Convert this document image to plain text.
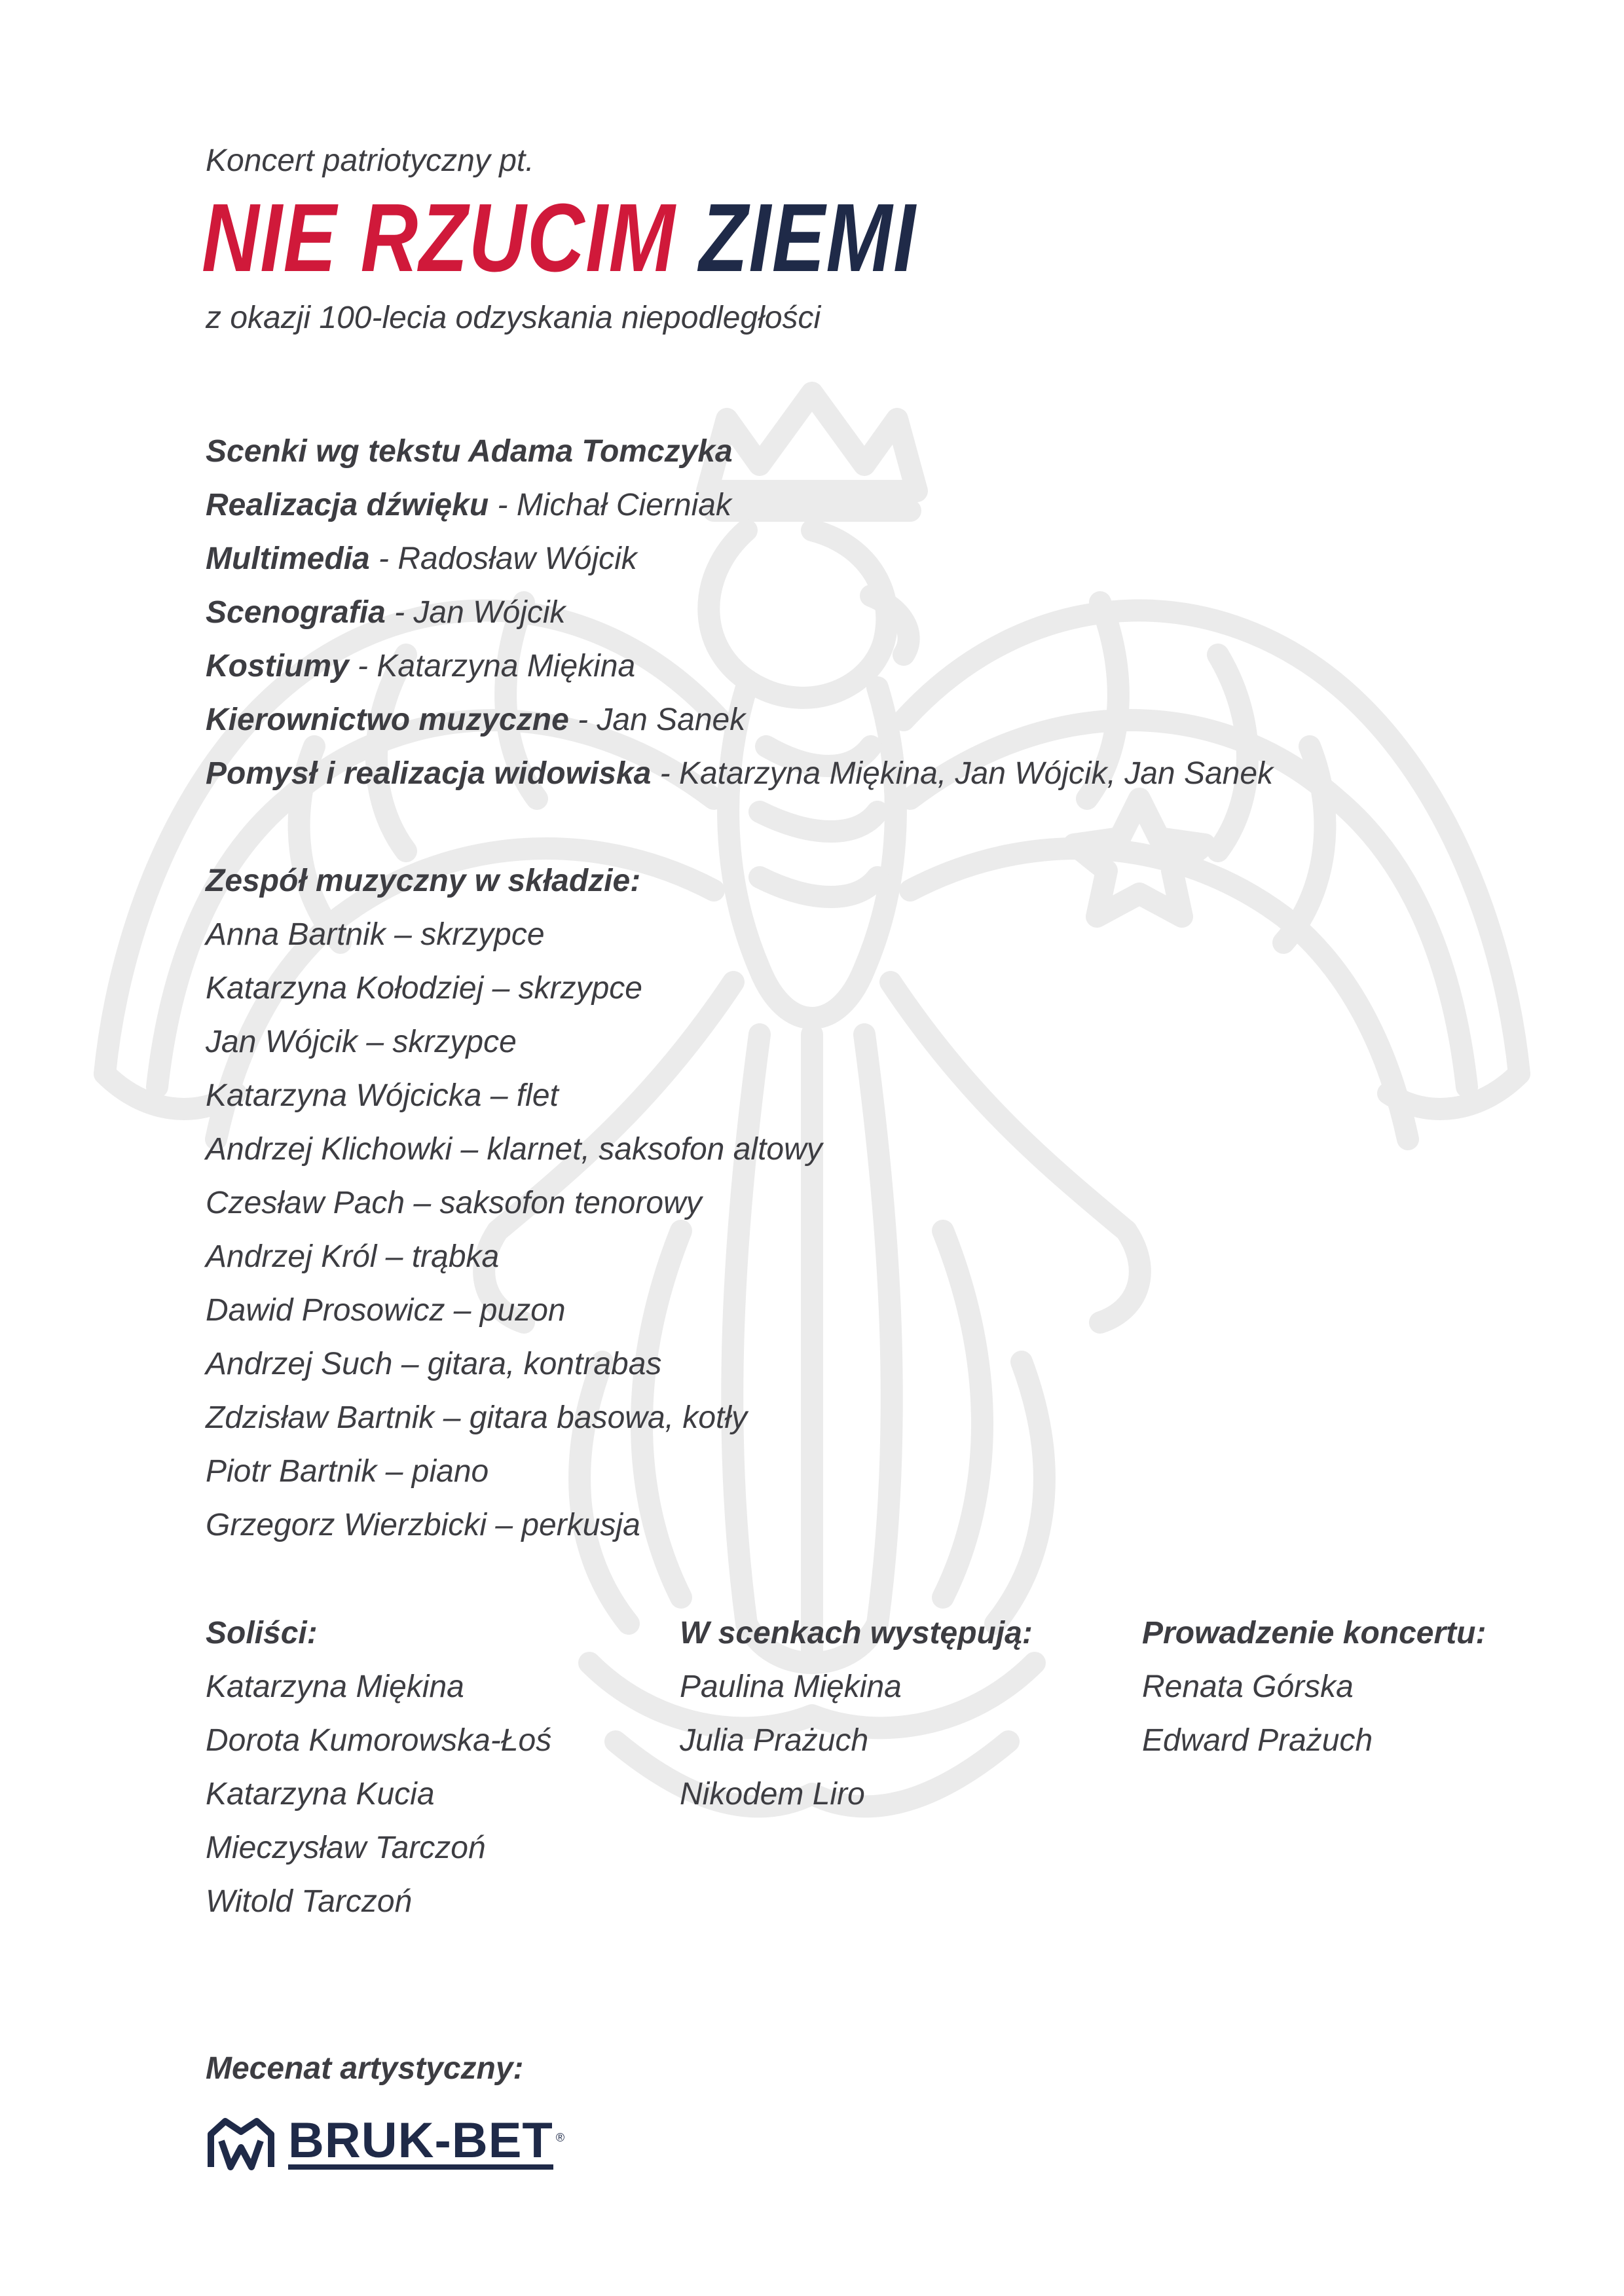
Koncert patriotyczny pt.
NIE RZUCIM ZIEMI
z okazji 100-lecia odzyskania niepodległości
Scenki wg tekstu Adama Tomczyka
Realizacja dźwięku - Michał Cierniak
Multimedia - Radosław Wójcik
Scenografia - Jan Wójcik
Kostiumy - Katarzyna Miękina
Kierownictwo muzyczne - Jan Sanek
Pomysł i realizacja widowiska - Katarzyna Miękina, Jan Wójcik, Jan Sanek
Zespół muzyczny w składzie:
Anna Bartnik – skrzypce
Katarzyna Kołodziej – skrzypce
Jan Wójcik – skrzypce
Katarzyna Wójcicka – flet
Andrzej Klichowki – klarnet, saksofon altowy
Czesław Pach – saksofon tenorowy
Andrzej Król – trąbka
Dawid Prosowicz – puzon
Andrzej Such – gitara, kontrabas
Zdzisław Bartnik – gitara basowa, kotły
Piotr Bartnik – piano
Grzegorz Wierzbicki – perkusja
Soliści:
Katarzyna Miękina
Dorota Kumorowska-Łoś
Katarzyna Kucia
Mieczysław Tarczoń
Witold Tarczoń
W scenkach występują:
Paulina Miękina
Julia Prażuch
Nikodem Liro
Prowadzenie koncertu:
Renata Górska
Edward Prażuch
Mecenat artystyczny:
BRUK-BET ®
